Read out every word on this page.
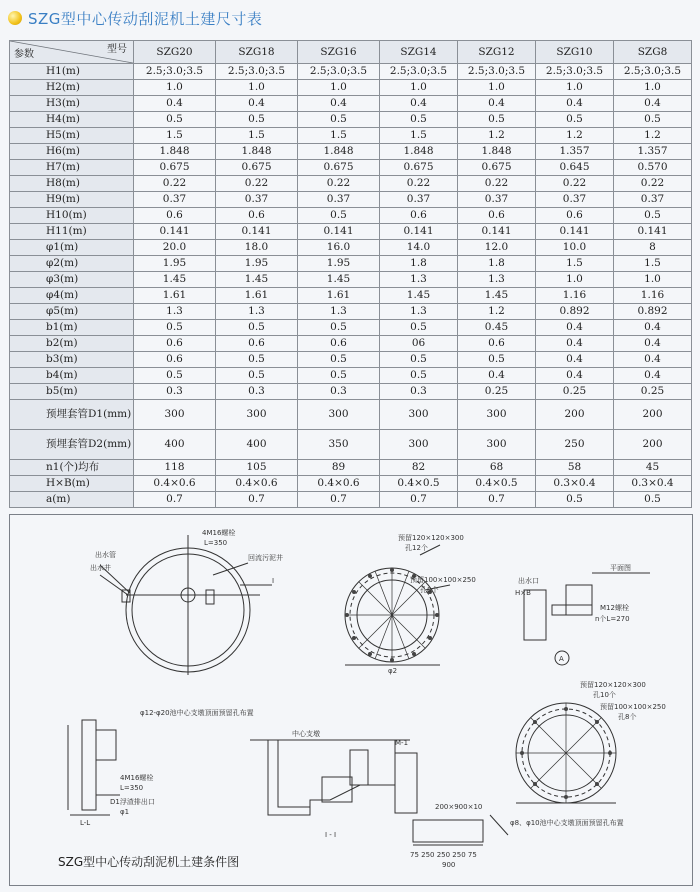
SZG型中心传动刮泥机土建尺寸表
型号
参数	SZG20	SZG18	SZG16	SZG14	SZG12	SZG10	SZG8
H1(m)	2.5;3.0;3.5	2.5;3.0;3.5	2.5;3.0;3.5	2.5;3.0;3.5	2.5;3.0;3.5	2.5;3.0;3.5	2.5;3.0;3.5
H2(m)	1.0	1.0	1.0	1.0	1.0	1.0	1.0
H3(m)	0.4	0.4	0.4	0.4	0.4	0.4	0.4
H4(m)	0.5	0.5	0.5	0.5	0.5	0.5	0.5
H5(m)	1.5	1.5	1.5	1.5	1.2	1.2	1.2
H6(m)	1.848	1.848	1.848	1.848	1.848	1.357	1.357
H7(m)	0.675	0.675	0.675	0.675	0.675	0.645	0.570
H8(m)	0.22	0.22	0.22	0.22	0.22	0.22	0.22
H9(m)	0.37	0.37	0.37	0.37	0.37	0.37	0.37
H10(m)	0.6	0.6	0.5	0.6	0.6	0.6	0.5
H11(m)	0.141	0.141	0.141	0.141	0.141	0.141	0.141
φ1(m)	20.0	18.0	16.0	14.0	12.0	10.0	8
φ2(m)	1.95	1.95	1.95	1.8	1.8	1.5	1.5
φ3(m)	1.45	1.45	1.45	1.3	1.3	1.0	1.0
φ4(m)	1.61	1.61	1.61	1.45	1.45	1.16	1.16
φ5(m)	1.3	1.3	1.3	1.3	1.2	0.892	0.892
b1(m)	0.5	0.5	0.5	0.5	0.45	0.4	0.4
b2(m)	0.6	0.6	0.6	06	0.6	0.4	0.4
b3(m)	0.6	0.5	0.5	0.5	0.5	0.4	0.4
b4(m)	0.5	0.5	0.5	0.5	0.4	0.4	0.4
b5(m)	0.3	0.3	0.3	0.3	0.25	0.25	0.25
预埋套管D1(mm)	300	300	300	300	300	200	200
预埋套管D2(mm)	400	400	350	300	300	250	200
n1(个)均布	118	105	89	82	68	58	45
H×B(m)	0.4×0.6	0.4×0.6	0.4×0.6	0.4×0.5	0.4×0.5	0.3×0.4	0.3×0.4
a(m)	0.7	0.7	0.7	0.7	0.7	0.5	0.5
4M16螺栓
L=350
出水管
出水井
回流污泥井
I
预留120×120×300
孔12个
预留100×100×250
孔8个
出水口
H×B
平面图
M12螺栓
n个L=270
A
φ2
φ12-φ20池中心支墩顶面预留孔布置
4M16螺栓
L=350
D1浮渣排出口
φ1
L-L
中心支墩
M-1
200×900×10
I - I
预留120×120×300
孔10个
预留100×100×250
孔8个
φ8、φ10池中心支墩顶面预留孔布置
75 250 250 250 75
900
SZG型中心传动刮泥机土建条件图
